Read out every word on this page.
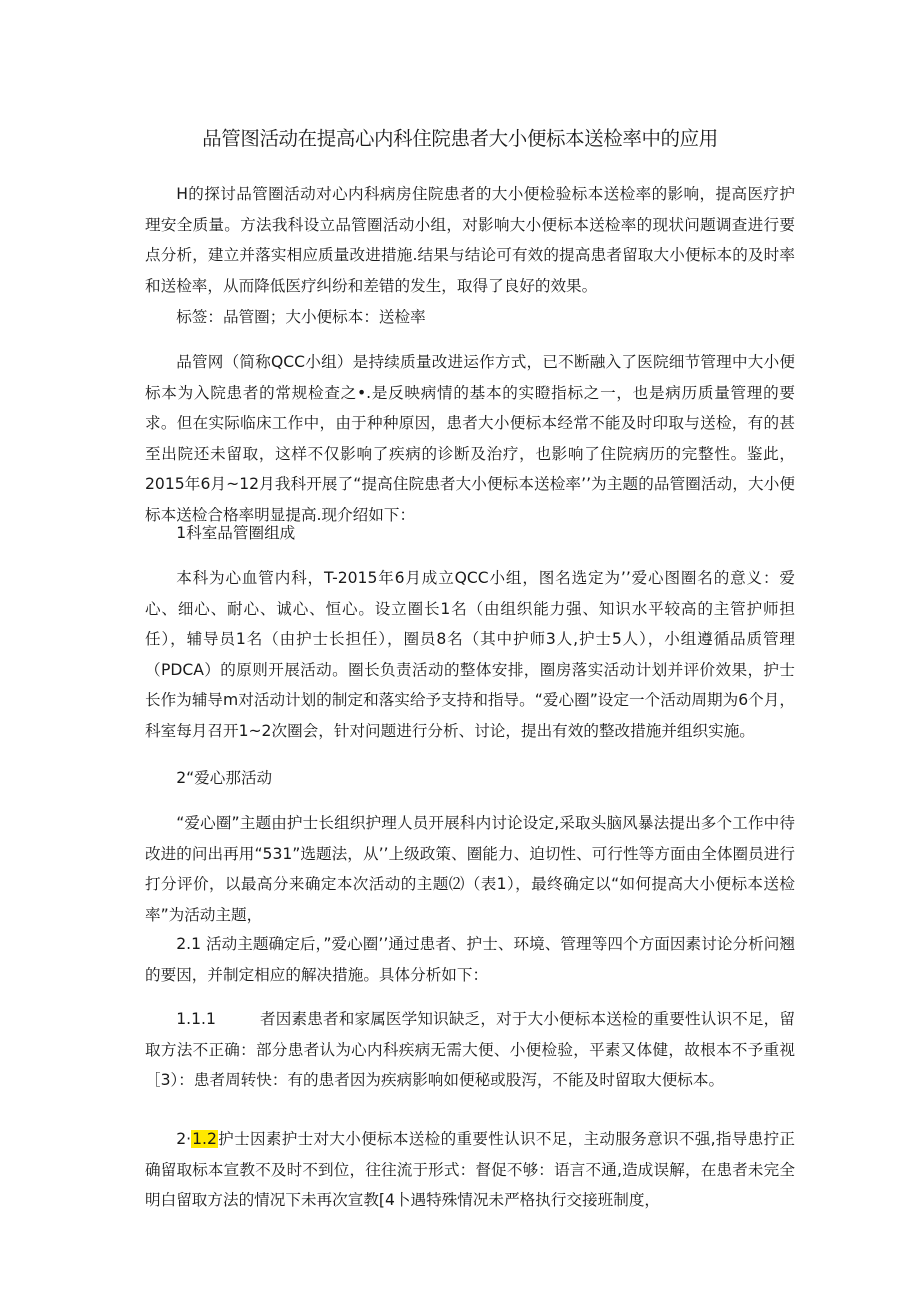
品管图活动在提高心内科住院患者大小便标本送检率中的应用

H的探讨品管圈活动对心内科病房住院患者的大小便检验标本送检率的影响，提高医疗护理安全质量。方法我科设立品管圈活动小组，对影响大小便标本送检率的现状问题调查进行要点分析，建立并落实相应质量改进措施.结果与结论可有效的提高患者留取大小便标本的及时率和送检率，从而降低医疗纠纷和差错的发生，取得了良好的效果。

标签：品管圈；大小便标本：送检率

品管网（简称QCC小组）是持续质量改进运作方式，已不断融入了医院细节管理中大小便标本为入院患者的常规检查之•.是反映病情的基本的实瞪指标之一，也是病历质量管理的要求。但在实际临床工作中，由于种种原因，患者大小便标本经常不能及时印取与送检，有的甚至出院还未留取，这样不仅影响了疾病的诊断及治疗，也影响了住院病历的完整性。鉴此，2015年6月~12月我科开展了“提高住院患者大小便标本送检率’’为主题的品管圈活动，大小便标本送检合格率明显提高.现介绍如下：

1科室品管圈组成

本科为心血管内科，T-2015年6月成立QCC小组，图名选定为’’爱心图圈名的意义：爱心、细心、耐心、诚心、恒心。设立圈长1名（由组织能力强、知识水平较高的主管护师担任），辅导员1名（由护士长担任），圈员8名（其中护师3人,护士5人），小组遵循品质管理（PDCA）的原则开展活动。圈长负责活动的整体安排，圈房落实活动计划并评价效果，护士长作为辅导m对活动计划的制定和落实给予支持和指导。“爱心圈”设定一个活动周期为6个月，科室每月召开1~2次圈会，针对问题进行分析、讨论，提出有效的整改措施并组织实施。

2“爱心那活动

“爱心圈”主题由护士长组织护理人员开展科内讨论设定,采取头脑风暴法提出多个工作中待改进的问出再用“531”选题法，从’’上级政策、圈能力、迫切性、可行性等方面由全体圈员进行打分评价，以最高分来确定本次活动的主题⑵（表1），最终确定以“如何提高大小便标本送检率”为活动主题，

2.1 活动主题确定后，”爱心圈’’通过患者、护士、环境、管理等四个方面因素讨论分析问翘的要因，并制定相应的解决措施。具体分析如下：

1.1.1	者因素患者和家属医学知识缺乏，对于大小便标本送检的重要性认识不足，留取方法不正确：部分患者认为心内科疾病无需大便、小便检验，平素又体健，故根本不予重视［3）：患者周转快：有的患者因为疾病影响如便秘或股泻，不能及时留取大便标本。

2·1.2护士因素护士对大小便标本送检的重要性认识不足，主动服务意识不强,指导患拧正确留取标本宣教不及时不到位，往往流于形式：督促不够：语言不通,造成误解，在患者未完全明白留取方法的情况下未再次宣教[4卜遇特殊情况未严格执行交接班制度，
